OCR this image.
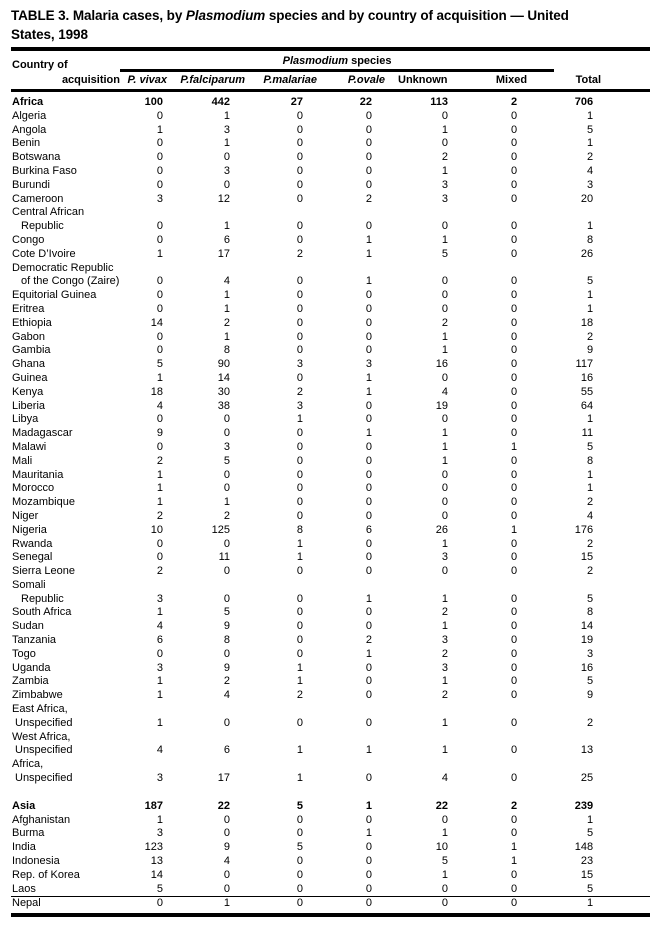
TABLE 3. Malaria cases, by Plasmodium species and by country of acquisition — United
States, 1998
Country of	Plasmodium species						
acquisition	P. vivax	P.falciparum	P.malariae	P.ovale	Unknown	Mixed	Total

Africa	100	442	27	22	113	2	706

Algeria	0	1	0	0	0	0	1

Angola	1	3	0	0	1	0	5

Benin	0	1	0	0	0	0	1

Botswana	0	0	0	0	2	0	2

Burkina Faso	0	3	0	0	1	0	4

Burundi	0	0	0	0	3	0	3

Cameroon	3	12	0	2	3	0	20

Central African
Republic	0	1	0	0	0	0	1

Congo	0	6	0	1	1	0	8

Cote D’Ivoire	1	17	2	1	5	0	26

Democratic Republic
of the Congo (Zaire)	0	4	0	1	0	0	5

Equitorial Guinea	0	1	0	0	0	0	1

Eritrea	0	1	0	0	0	0	1

Ethiopia	14	2	0	0	2	0	18

Gabon	0	1	0	0	1	0	2

Gambia	0	8	0	0	1	0	9

Ghana	5	90	3	3	16	0	117

Guinea	1	14	0	1	0	0	16

Kenya	18	30	2	1	4	0	55

Liberia	4	38	3	0	19	0	64

Libya	0	0	1	0	0	0	1

Madagascar	9	0	0	1	1	0	11

Malawi	0	3	0	0	1	1	5

Mali	2	5	0	0	1	0	8

Mauritania	1	0	0	0	0	0	1

Morocco	1	0	0	0	0	0	1

Mozambique	1	1	0	0	0	0	2

Niger	2	2	0	0	0	0	4

Nigeria	10	125	8	6	26	1	176

Rwanda	0	0	1	0	1	0	2

Senegal	0	11	1	0	3	0	15

Sierra Leone	2	0	0	0	0	0	2

Somali
Republic	3	0	0	1	1	0	5

South Africa	1	5	0	0	2	0	8

Sudan	4	9	0	0	1	0	14

Tanzania	6	8	0	2	3	0	19

Togo	0	0	0	1	2	0	3

Uganda	3	9	1	0	3	0	16

Zambia	1	2	1	0	1	0	5

Zimbabwe	1	4	2	0	2	0	9

East Africa,
Unspecified	1	0	0	0	1	0	2

West Africa,
Unspecified	4	6	1	1	1	0	13

Africa,
Unspecified	3	17	1	0	4	0	25

Asia	187	22	5	1	22	2	239

Afghanistan	1	0	0	0	0	0	1

Burma	3	0	0	1	1	0	5

India	123	9	5	0	10	1	148

Indonesia	13	4	0	0	5	1	23

Rep. of Korea	14	0	0	0	1	0	15

Laos	5	0	0	0	0	0	5

Nepal	0	1	0	0	0	0	1
